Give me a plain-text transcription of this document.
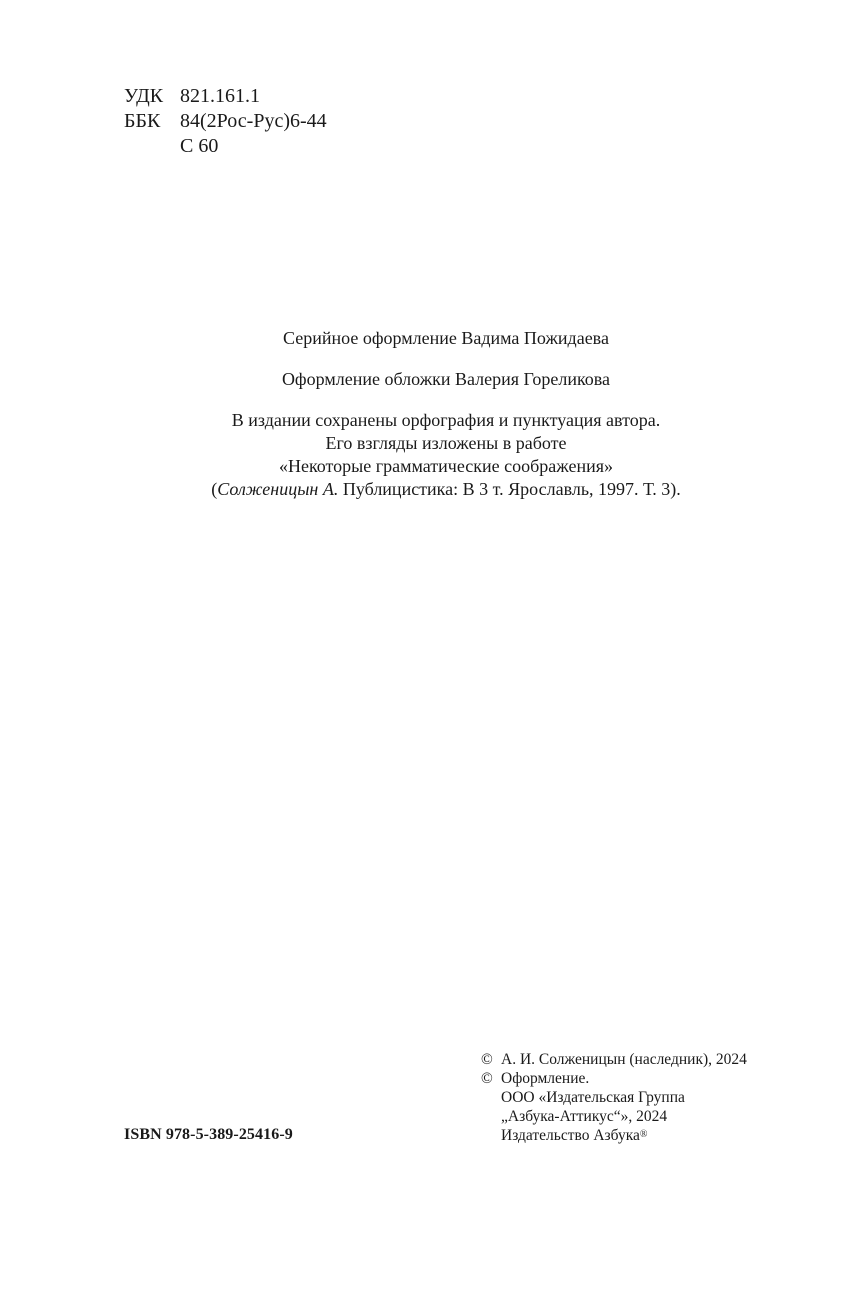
УДК 821.161.1
ББК 84(2Рос-Рус)6-44
С 60
Серийное оформление Вадима Пожидаева
Оформление обложки Валерия Гореликова
В издании сохранены орфография и пунктуация автора.
Его взгляды изложены в работе
«Некоторые грамматические соображения»
(Солженицын А. Публицистика: В 3 т. Ярославль, 1997. Т. 3).
ISBN 978-5-389-25416-9
© А. И. Солженицын (наследник), 2024
© Оформление.
ООО «Издательская Группа
„Азбука-Аттикус“», 2024
Издательство Азбука®
